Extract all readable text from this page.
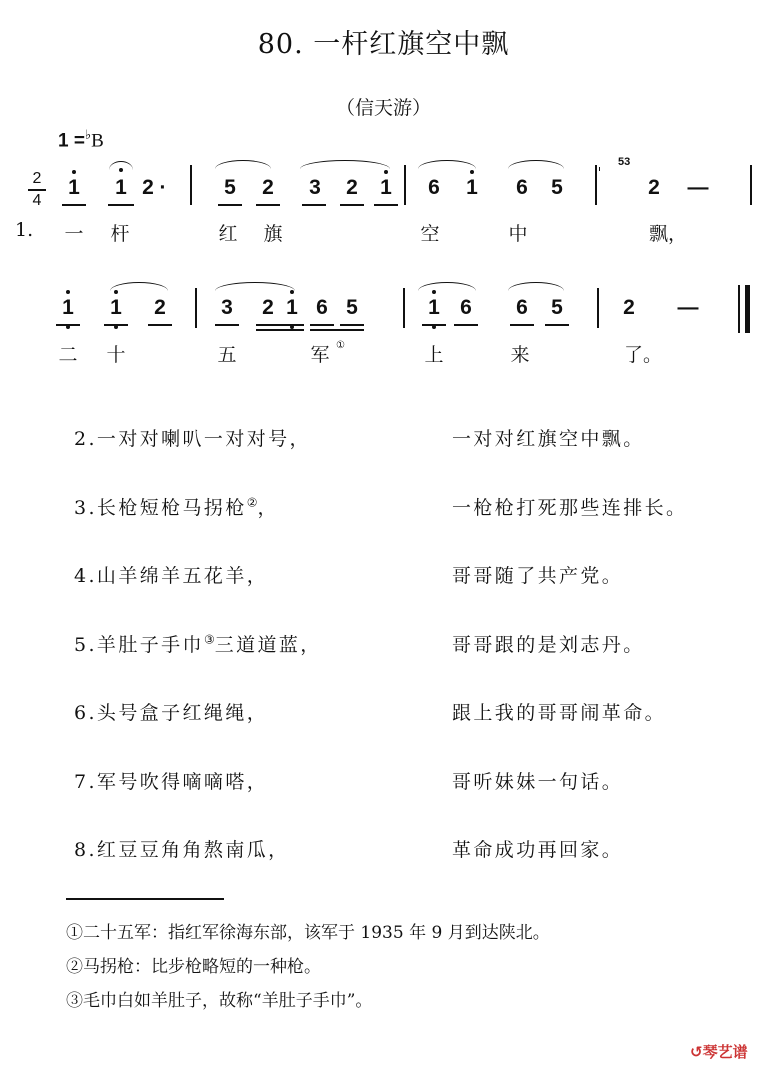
80. 一杆红旗空中飘
（信天游）
1 =♭B
2
4
53
↺琴艺谱
1 1 2	5 2 3 2 1 6 1 6 5	2 —
·
1.	一 杆	红 旗	空	中	飘，
1 1 2	3 2 1 6 5	1 6 6 5	2 —
二 十	五	军	上	来	了。
①
2.一对对喇叭一对对号，	一对对红旗空中飘。
3.长枪短枪马拐枪②，	一枪枪打死那些连排长。
4.山羊绵羊五花羊，	哥哥随了共产党。
5.羊肚子手巾③三道道蓝，	哥哥跟的是刘志丹。
6.头号盒子红绳绳，	跟上我的哥哥闹革命。
7.军号吹得嘀嘀嗒，	哥听妹妹一句话。
8.红豆豆角角熬南瓜，	革命成功再回家。
①二十五军：指红军徐海东部，该军于 1935 年 9 月到达陕北。
②马拐枪：比步枪略短的一种枪。
③毛巾白如羊肚子，故称“羊肚子手巾”。
